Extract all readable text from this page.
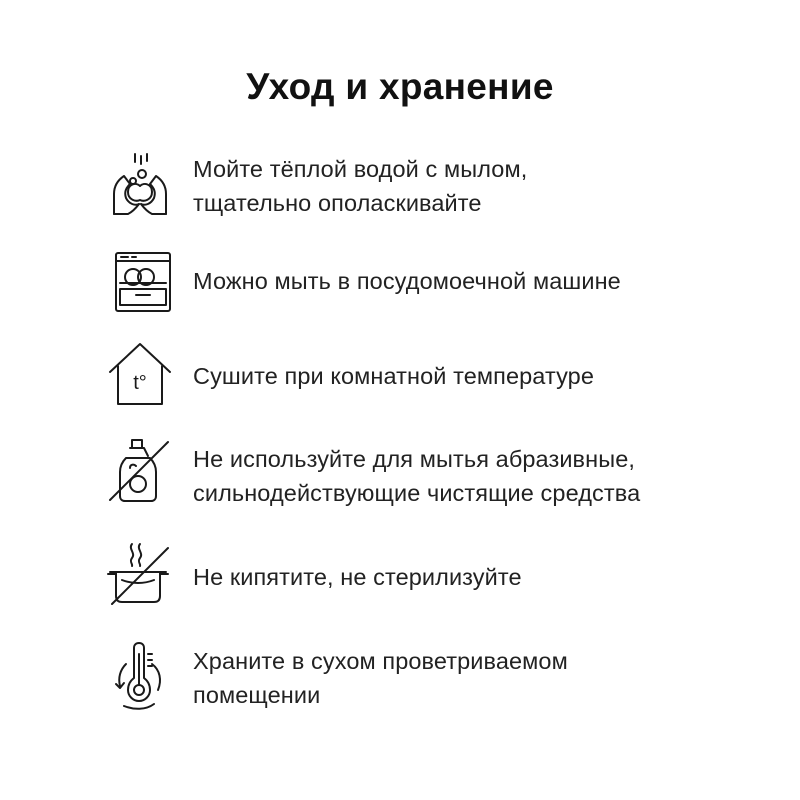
Уход и хранение
Мойте тёплой водой с мылом,
тщательно ополаскивайте
Можно мыть в посудомоечной машине
t° Сушите при комнатной температуре
Не используйте для мытья абразивные,
сильнодействующие чистящие средства
Не кипятите, не стерилизуйте
Храните в сухом проветриваемом
помещении
